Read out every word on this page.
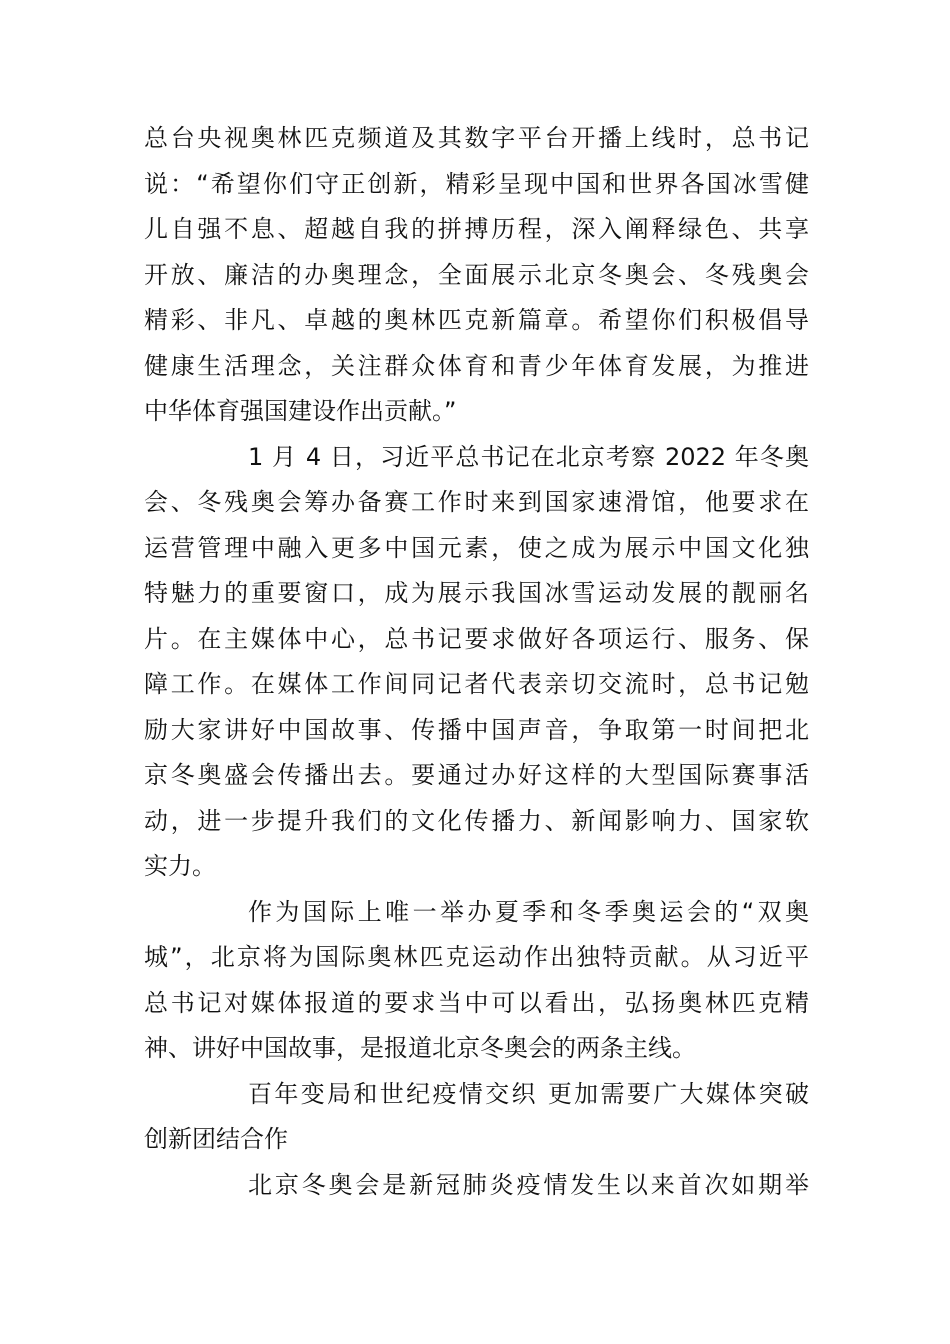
总台央视奥林匹克频道及其数字平台开播上线时，总书记
说：“希望你们守正创新，精彩呈现中国和世界各国冰雪健
儿自强不息、超越自我的拼搏历程，深入阐释绿色、共享
开放、廉洁的办奥理念，全面展示北京冬奥会、冬残奥会
精彩、非凡、卓越的奥林匹克新篇章。希望你们积极倡导
健康生活理念，关注群众体育和青少年体育发展，为推进
中华体育强国建设作出贡献。”
1 月 4 日，习近平总书记在北京考察 2022 年冬奥
会、冬残奥会筹办备赛工作时来到国家速滑馆，他要求在
运营管理中融入更多中国元素，使之成为展示中国文化独
特魅力的重要窗口，成为展示我国冰雪运动发展的靓丽名
片。在主媒体中心，总书记要求做好各项运行、服务、保
障工作。在媒体工作间同记者代表亲切交流时，总书记勉
励大家讲好中国故事、传播中国声音，争取第一时间把北
京冬奥盛会传播出去。要通过办好这样的大型国际赛事活
动，进一步提升我们的文化传播力、新闻影响力、国家软
实力。
作为国际上唯一举办夏季和冬季奥运会的“双奥
城”，北京将为国际奥林匹克运动作出独特贡献。从习近平
总书记对媒体报道的要求当中可以看出，弘扬奥林匹克精
神、讲好中国故事，是报道北京冬奥会的两条主线。
百年变局和世纪疫情交织 更加需要广大媒体突破
创新团结合作
北京冬奥会是新冠肺炎疫情发生以来首次如期举
